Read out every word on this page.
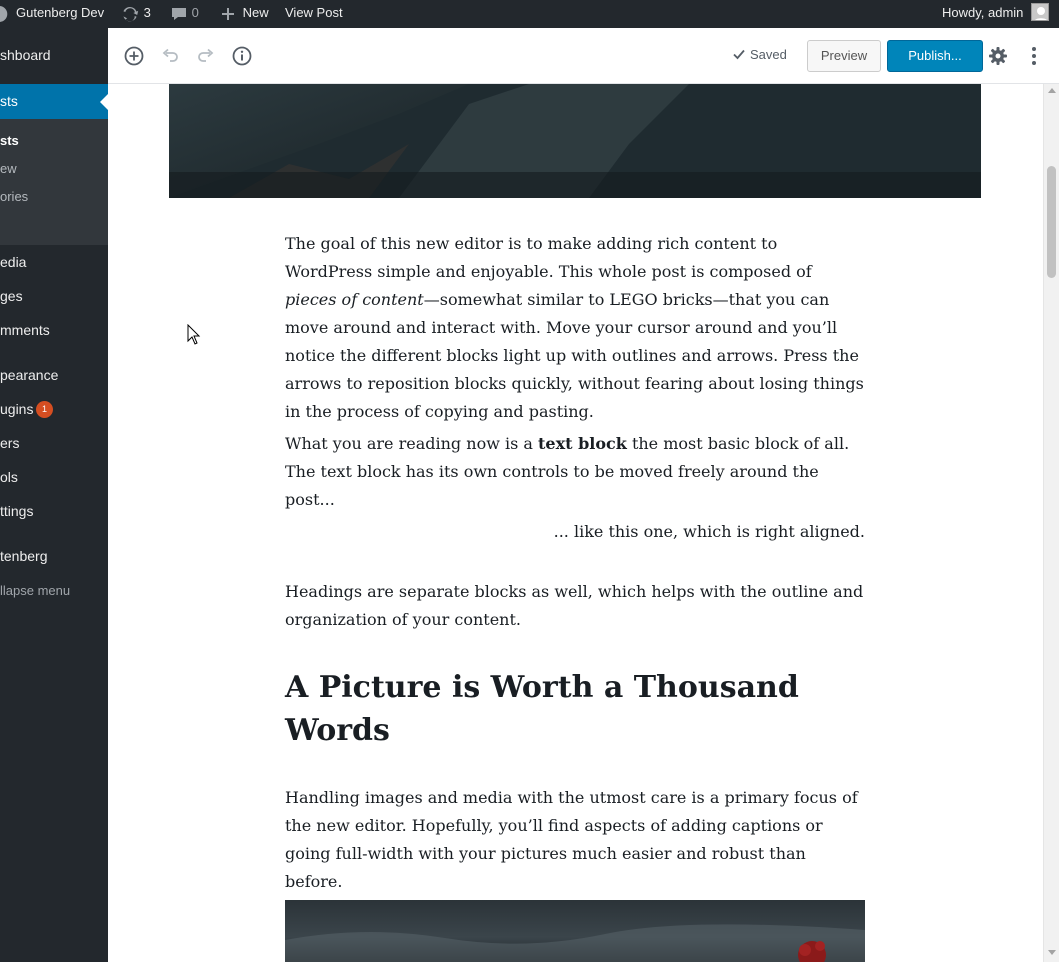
Gutenberg Dev	3	0	New View Post	Howdy, admin
shboard
sts
sts
ew
ories
edia
ges
mments
pearance
ugins 1
ers
ols
ttings
tenberg
llapse menu
Saved	Preview	Publish...

The goal of this new editor is to make adding rich content to WordPress simple and enjoyable. This whole post is composed of pieces of content—somewhat similar to LEGO bricks—that you can move around and interact with. Move your cursor around and you’ll notice the different blocks light up with outlines and arrows. Press the arrows to reposition blocks quickly, without fearing about losing things in the process of copying and pasting.

What you are reading now is a text block the most basic block of all. The text block has its own controls to be moved freely around the post...

... like this one, which is right aligned.

Headings are separate blocks as well, which helps with the outline and organization of your content.

A Picture is Worth a Thousand Words

Handling images and media with the utmost care is a primary focus of the new editor. Hopefully, you’ll find aspects of adding captions or going full-width with your pictures much easier and robust than before.
